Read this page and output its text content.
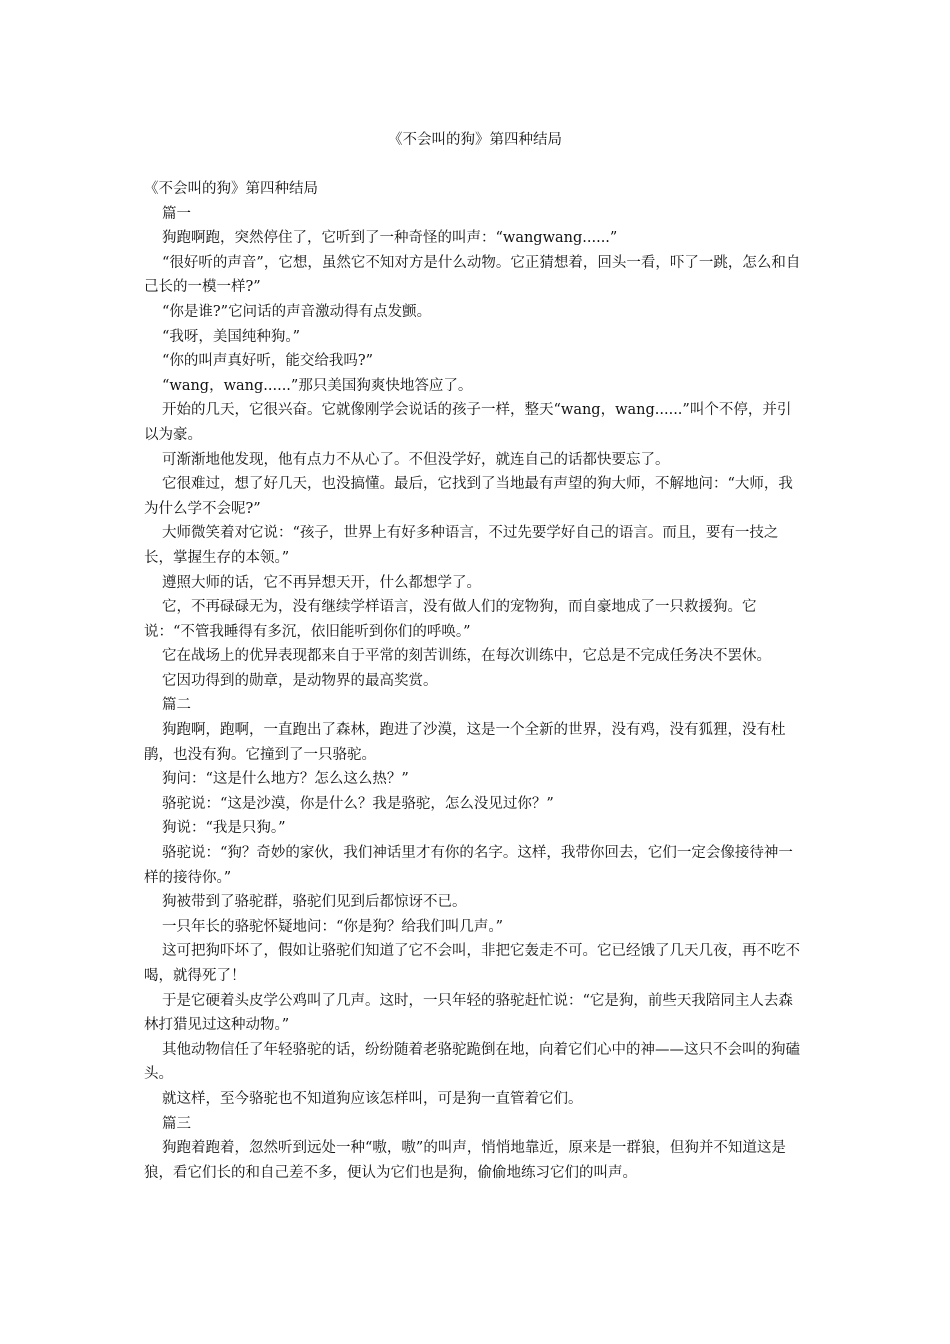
《不会叫的狗》第四种结局

《不会叫的狗》第四种结局

篇一

狗跑啊跑，突然停住了，它听到了一种奇怪的叫声：“wangwang......”

“很好听的声音”，它想，虽然它不知对方是什么动物。它正猜想着，回头一看，吓了一跳，怎么和自己长的一模一样?”

“你是谁?”它问话的声音激动得有点发颤。

“我呀，美国纯种狗。”

“你的叫声真好听，能交给我吗?”

“wang，wang......”那只美国狗爽快地答应了。

开始的几天，它很兴奋。它就像刚学会说话的孩子一样，整天“wang，wang......”叫个不停，并引以为豪。

可渐渐地他发现，他有点力不从心了。不但没学好，就连自己的话都快要忘了。

它很难过，想了好几天，也没搞懂。最后，它找到了当地最有声望的狗大师，不解地问：“大师，我为什么学不会呢?”

大师微笑着对它说：“孩子，世界上有好多种语言，不过先要学好自己的语言。而且，要有一技之长，掌握生存的本领。”

遵照大师的话，它不再异想天开，什么都想学了。

它，不再碌碌无为，没有继续学样语言，没有做人们的宠物狗，而自豪地成了一只救援狗。它说：“不管我睡得有多沉，依旧能听到你们的呼唤。”

它在战场上的优异表现都来自于平常的刻苦训练，在每次训练中，它总是不完成任务决不罢休。

它因功得到的勋章，是动物界的最高奖赏。

篇二

狗跑啊，跑啊，一直跑出了森林，跑进了沙漠，这是一个全新的世界，没有鸡，没有狐狸，没有杜鹃，也没有狗。它撞到了一只骆驼。

狗问：“这是什么地方？怎么这么热？”

骆驼说：“这是沙漠，你是什么？我是骆驼，怎么没见过你？”

狗说：“我是只狗。”

骆驼说：“狗？奇妙的家伙，我们神话里才有你的名字。这样，我带你回去，它们一定会像接待神一样的接待你。”

狗被带到了骆驼群，骆驼们见到后都惊讶不已。

一只年长的骆驼怀疑地问：“你是狗？给我们叫几声。”

这可把狗吓坏了，假如让骆驼们知道了它不会叫，非把它轰走不可。它已经饿了几天几夜，再不吃不喝，就得死了！

于是它硬着头皮学公鸡叫了几声。这时，一只年轻的骆驼赶忙说：“它是狗，前些天我陪同主人去森林打猎见过这种动物。”

其他动物信任了年轻骆驼的话，纷纷随着老骆驼跪倒在地，向着它们心中的神——这只不会叫的狗磕头。

就这样，至今骆驼也不知道狗应该怎样叫，可是狗一直管着它们。

篇三

狗跑着跑着，忽然听到远处一种“嗷，嗷”的叫声，悄悄地靠近，原来是一群狼，但狗并不知道这是狼，看它们长的和自己差不多，便认为它们也是狗，偷偷地练习它们的叫声。
